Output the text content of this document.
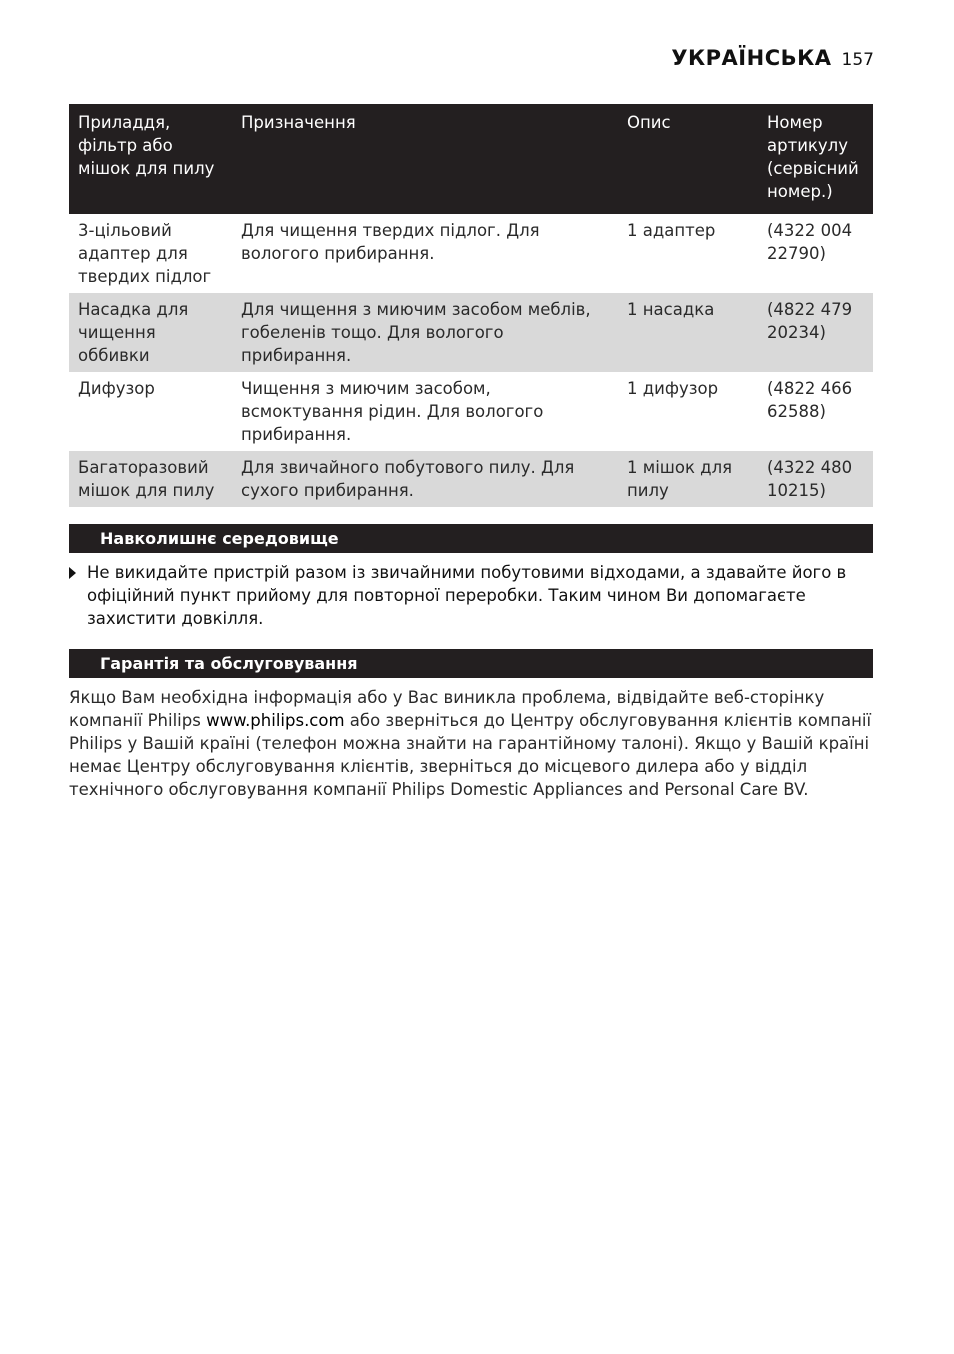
УКРАЇНСЬКА 157
Приладдя, фільтр або мішок для пилу	Призначення	Опис	Номер артикулу (сервісний номер.)
3-цільовий адаптер для твердих підлог	Для чищення твердих підлог. Для вологого прибирання.	1 адаптер	(4322 004 22790)
Насадка для чищення оббивки	Для чищення з миючим засобом меблів, гобеленів тощо. Для вологого прибирання.	1 насадка	(4822 479 20234)
Дифузор	Чищення з миючим засобом, всмоктування рідин. Для вологого прибирання.	1 дифузор	(4822 466 62588)
Багаторазовий мішок для пилу	Для звичайного побутового пилу. Для сухого прибирання.	1 мішок для пилу	(4322 480 10215)
Навколишнє середовище
Не викидайте пристрій разом із звичайними побутовими відходами, а здавайте його в офіційний пункт прийому для повторної переробки. Таким чином Ви допомагаєте захистити довкілля.
Гарантія та обслуговування
Якщо Вам необхідна інформація або у Вас виникла проблема, відвідайте веб-сторінку компанії Philips www.philips.com або зверніться до Центру обслуговування клієнтів компанії Philips у Вашій країні (телефон можна знайти на гарантійному талоні). Якщо у Вашій країні немає Центру обслуговування клієнтів, зверніться до місцевого дилера або у відділ технічного обслуговування компанії Philips Domestic Appliances and Personal Care BV.
